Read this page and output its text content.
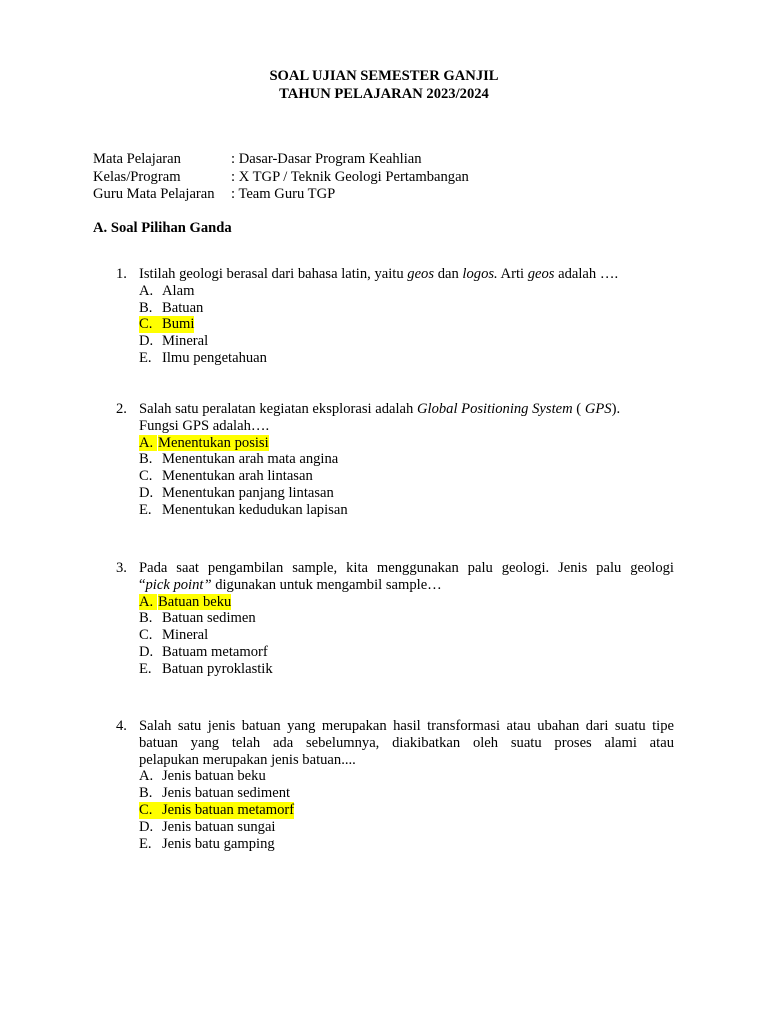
SOAL UJIAN SEMESTER GANJIL
TAHUN PELAJARAN 2023/2024
Mata Pelajaran	: Dasar-Dasar Program Keahlian
Kelas/Program	: X TGP / Teknik Geologi Pertambangan
Guru Mata Pelajaran	: Team Guru TGP
A. Soal Pilihan Ganda
1. Istilah geologi berasal dari bahasa latin, yaitu geos dan logos. Arti geos adalah ….
A. Alam
B. Batuan
C. Bumi
D. Mineral
E. Ilmu pengetahuan
2. Salah satu peralatan kegiatan eksplorasi adalah Global Positioning System ( GPS).
Fungsi GPS adalah….
A. Menentukan posisi
B. Menentukan arah mata angina
C. Menentukan arah lintasan
D. Menentukan panjang lintasan
E. Menentukan kedudukan lapisan
3. Pada saat pengambilan sample, kita menggunakan palu geologi. Jenis palu geologi
“pick point” digunakan untuk mengambil sample…
A. Batuan beku
B. Batuan sedimen
C. Mineral
D. Batuam metamorf
E. Batuan pyroklastik
4. Salah satu jenis batuan yang merupakan hasil transformasi atau ubahan dari suatu tipe
batuan yang telah ada sebelumnya, diakibatkan oleh suatu proses alami atau
pelapukan merupakan jenis batuan....
A. Jenis batuan beku
B. Jenis batuan sediment
C. Jenis batuan metamorf
D. Jenis batuan sungai
E. Jenis batu gamping
